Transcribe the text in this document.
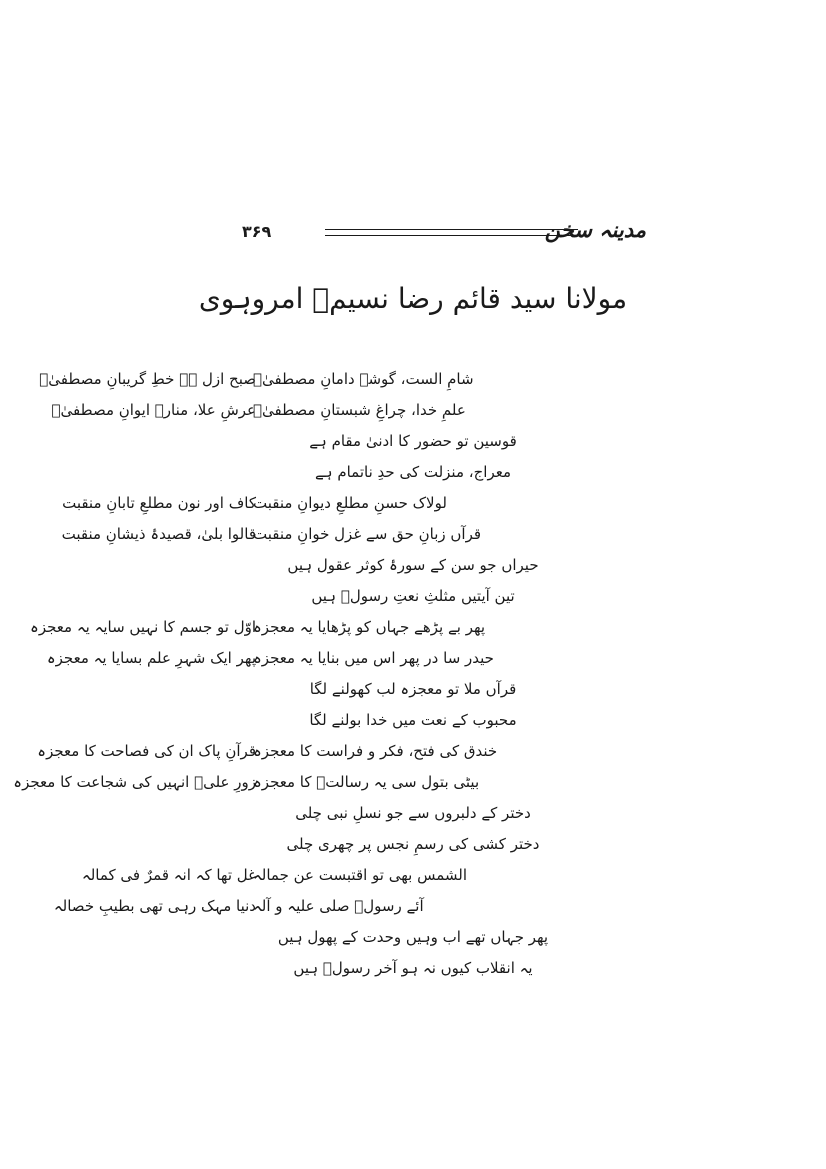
مدینہ سخن
۳۶۹
مولانا سید قائم رضا نسیمؔ امروہوی
صبح ازل ہے خطِ گریبانِ مصطفیٰؐ
شامِ الست، گوشۂ دامانِ مصطفیٰؐ
عرشِ علا، منارۂ ایوانِ مصطفیٰؐ
علمِ خدا، چراغِ شبستانِ مصطفیٰؐ
قوسین تو حضور کا ادنیٰ مقام ہے
معراج، منزلت کی حدِ ناتمام ہے
کاف اور نون مطلعِ تابانِ منقبت
لولاک حسنِ مطلعِ دیوانِ منقبت
قالوا بلیٰ، قصیدۂ ذیشانِ منقبت
قرآں زبانِ حق سے غزل خوانِ منقبت
حیراں جو سن کے سورۂ کوثر عقول ہیں
تین آیتیں مثلثِ نعتِ رسولؐ ہیں
اوّل تو جسم کا نہیں سایہ یہ معجزہ
پھر بے پڑھے جہاں کو پڑھایا یہ معجزہ
پھر ایک شہرِ علم بسایا یہ معجزہ
حیدر سا در پھر اس میں بنایا یہ معجزہ
قرآں ملا تو معجزہ لب کھولنے لگا
محبوب کے نعت میں خدا بولنے لگا
قرآنِ پاک ان کی فصاحت کا معجزہ
خندق کی فتح، فکر و فراست کا معجزہ
زورِ علیؑ انہیں کی شجاعت کا معجزہ
بیٹی بتول سی یہ رسالتؐ کا معجزہ
دختر کے دلبروں سے جو نسلِ نبی چلی
دختر کشی کی رسمِ نجس پر چھری چلی
غل تھا کہ انہ قمرٌ فی کمالہ
الشمس بھی تو اقتبست عن جمالہ
دنیا مہک رہی تھی بطیبِ خصالہ
آئے رسولؐ صلی علیہ و آلہ
پھر جہاں تھے اب وہیں وحدت کے پھول ہیں
یہ انقلاب کیوں نہ ہو آخر رسولؐ ہیں
